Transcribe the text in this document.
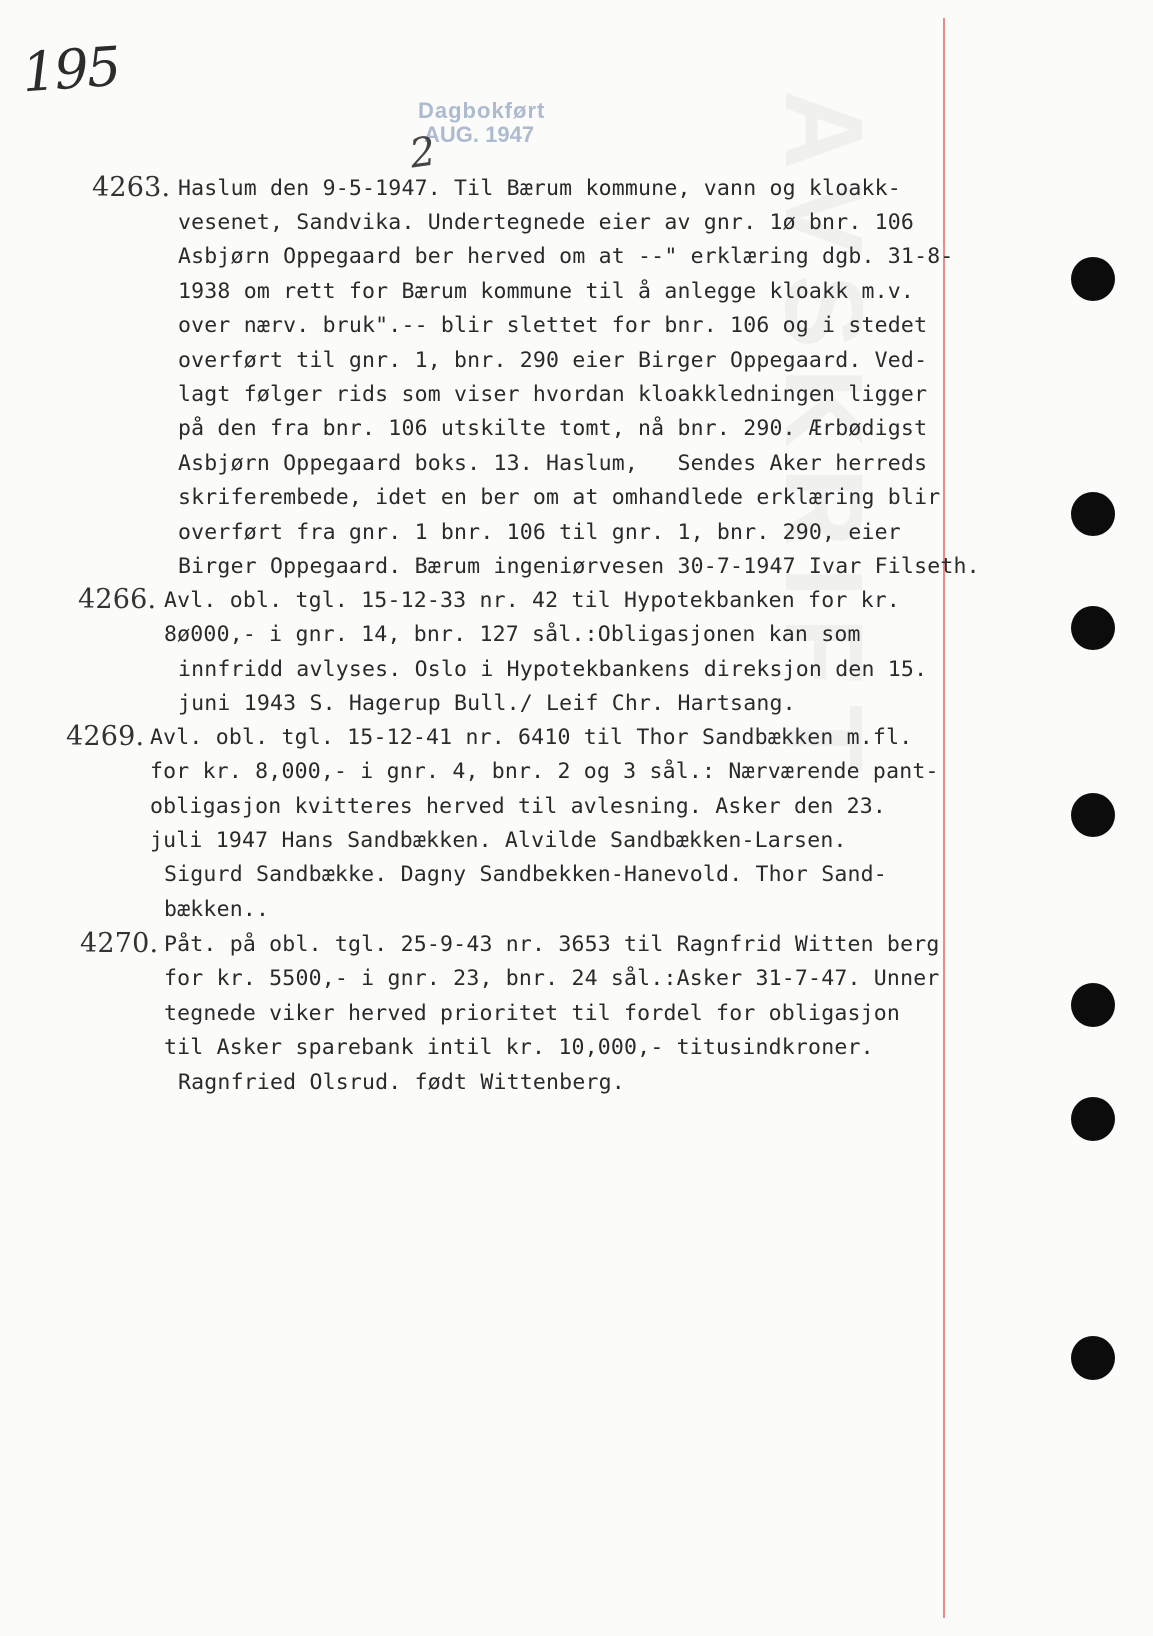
AVSKRIFT
195
Dagbokført
AUG. 1947
2
4263. Haslum den 9-5-1947. Til Bærum kommune, vann og kloakk-
vesenet, Sandvika. Undertegnede eier av gnr. 1ø bnr. 106
Asbjørn Oppegaard ber herved om at --" erklæring dgb. 31-8-
1938 om rett for Bærum kommune til å anlegge kloakk m.v.
over nærv. bruk".-- blir slettet for bnr. 106 og i stedet
overført til gnr. 1, bnr. 290 eier Birger Oppegaard. Ved-
lagt følger rids som viser hvordan kloakkledningen ligger
på den fra bnr. 106 utskilte tomt, nå bnr. 290. Ærbødigst
Asbjørn Oppegaard boks. 13. Haslum,   Sendes Aker herreds
skriferembede, idet en ber om at omhandlede erklæring blir
overført fra gnr. 1 bnr. 106 til gnr. 1, bnr. 290, eier
Birger Oppegaard. Bærum ingeniørvesen 30-7-1947 Ivar Filseth.
4266. Avl. obl. tgl. 15-12-33 nr. 42 til Hypotekbanken for kr.
8ø000,- i gnr. 14, bnr. 127 sål.:Obligasjonen kan som
innfridd avlyses. Oslo i Hypotekbankens direksjon den 15.
juni 1943 S. Hagerup Bull./ Leif Chr. Hartsang.
4269. Avl. obl. tgl. 15-12-41 nr. 6410 til Thor Sandbækken m.fl.
for kr. 8,000,- i gnr. 4, bnr. 2 og 3 sål.: Nærværende pant-
obligasjon kvitteres herved til avlesning. Asker den 23.
juli 1947 Hans Sandbækken. Alvilde Sandbækken-Larsen.
Sigurd Sandbække. Dagny Sandbekken-Hanevold. Thor Sand-
bækken..
4270. Påt. på obl. tgl. 25-9-43 nr. 3653 til Ragnfrid Witten berg
for kr. 5500,- i gnr. 23, bnr. 24 sål.:Asker 31-7-47. Unner
tegnede viker herved prioritet til fordel for obligasjon
til Asker sparebank intil kr. 10,000,- titusindkroner.
Ragnfried Olsrud. født Wittenberg.
